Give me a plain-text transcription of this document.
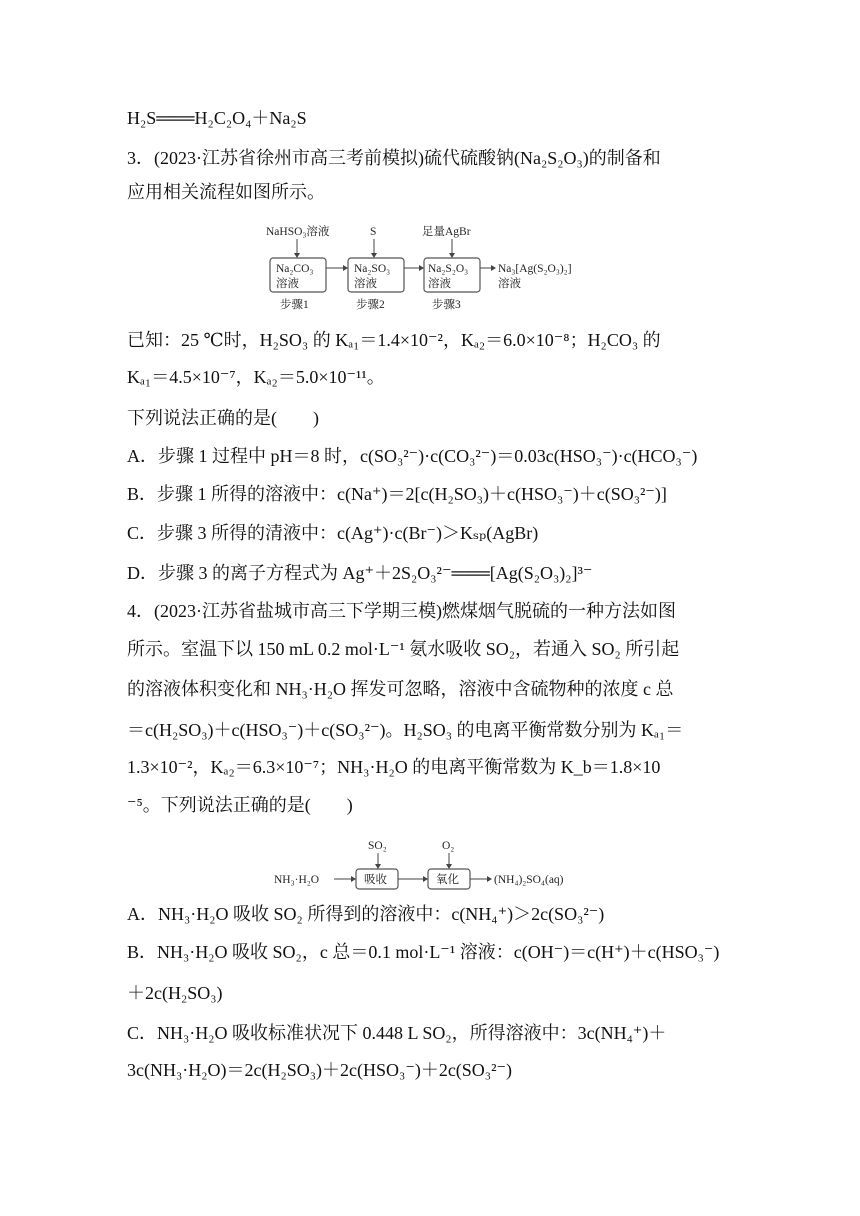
H₂S═══H₂C₂O₄＋Na₂S
3．(2023·江苏省徐州市高三考前模拟)硫代硫酸钠(Na₂S₂O₃)的制备和
应用相关流程如图所示。
NaHSO₃溶液	S	足量AgBr
Na₂CO₃
溶液
Na₂SO₃
溶液
Na₂S₂O₃
溶液
Na₃[Ag(S₂O₃)₂]
溶液
步骤1	步骤2	步骤3
已知：25 ℃时，H₂SO₃ 的 Kₐ₁＝1.4×10⁻²，Kₐ₂＝6.0×10⁻⁸；H₂CO₃ 的
Kₐ₁＝4.5×10⁻⁷，Kₐ₂＝5.0×10⁻¹¹。
下列说法正确的是(　　)
A．步骤 1 过程中 pH＝8 时，c(SO₃²⁻)·c(CO₃²⁻)＝0.03c(HSO₃⁻)·c(HCO₃⁻)
B．步骤 1 所得的溶液中：c(Na⁺)＝2[c(H₂SO₃)＋c(HSO₃⁻)＋c(SO₃²⁻)]
C．步骤 3 所得的清液中：c(Ag⁺)·c(Br⁻)＞Kₛₚ(AgBr)
D．步骤 3 的离子方程式为 Ag⁺＋2S₂O₃²⁻═══[Ag(S₂O₃)₂]³⁻
4．(2023·江苏省盐城市高三下学期三模)燃煤烟气脱硫的一种方法如图
所示。室温下以 150 mL 0.2 mol·L⁻¹ 氨水吸收 SO₂，若通入 SO₂ 所引起
的溶液体积变化和 NH₃·H₂O 挥发可忽略，溶液中含硫物种的浓度 c 总
＝c(H₂SO₃)＋c(HSO₃⁻)＋c(SO₃²⁻)。H₂SO₃ 的电离平衡常数分别为 Kₐ₁＝
1.3×10⁻²，Kₐ₂＝6.3×10⁻⁷；NH₃·H₂O 的电离平衡常数为 K_b＝1.8×10
⁻⁵。下列说法正确的是(　　)
NH₃·H₂O
SO₂
吸收
O₂
氧化	(NH₄)₂SO₄(aq)
A．NH₃·H₂O 吸收 SO₂ 所得到的溶液中：c(NH₄⁺)＞2c(SO₃²⁻)
B．NH₃·H₂O 吸收 SO₂，c 总＝0.1 mol·L⁻¹ 溶液：c(OH⁻)＝c(H⁺)＋c(HSO₃⁻)
＋2c(H₂SO₃)
C．NH₃·H₂O 吸收标准状况下 0.448 L SO₂，所得溶液中：3c(NH₄⁺)＋
3c(NH₃·H₂O)＝2c(H₂SO₃)＋2c(HSO₃⁻)＋2c(SO₃²⁻)
